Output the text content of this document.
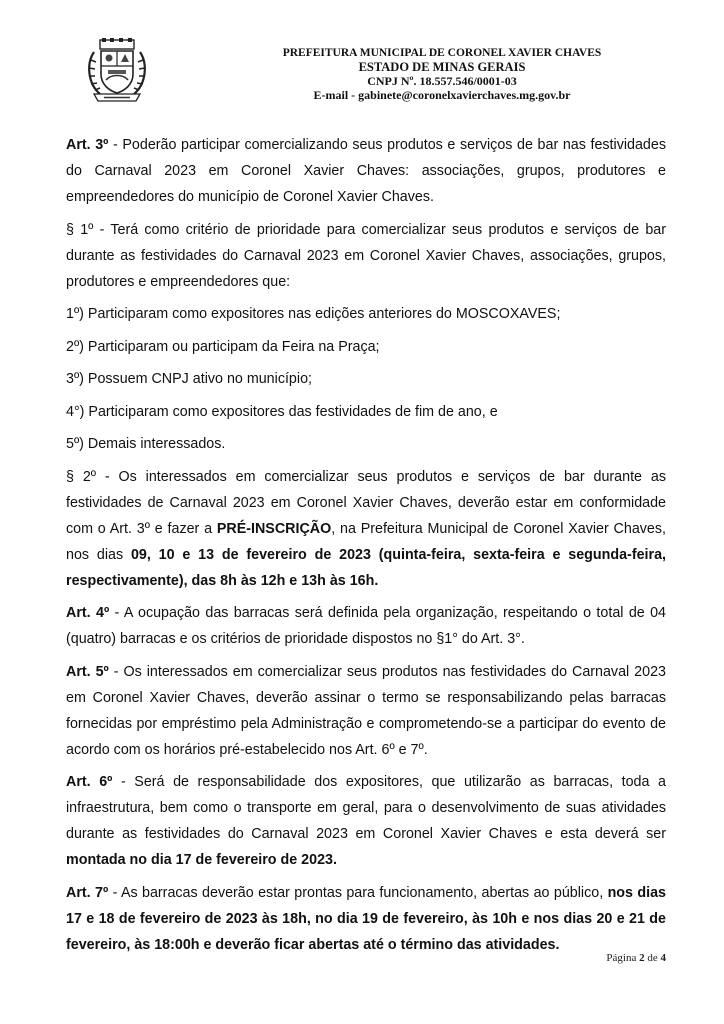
PREFEITURA MUNICIPAL DE CORONEL XAVIER CHAVES
ESTADO DE MINAS GERAIS
CNPJ Nº. 18.557.546/0001-03
E-mail - gabinete@coronelxavierchaves.mg.gov.br

Art. 3º - Poderão participar comercializando seus produtos e serviços de bar nas festividades do Carnaval 2023 em Coronel Xavier Chaves: associações, grupos, produtores e empreendedores do município de Coronel Xavier Chaves.

§ 1º - Terá como critério de prioridade para comercializar seus produtos e serviços de bar durante as festividades do Carnaval 2023 em Coronel Xavier Chaves, associações, grupos, produtores e empreendedores que:

1º) Participaram como expositores nas edições anteriores do MOSCOXAVES;

2º) Participaram ou participam da Feira na Praça;

3º) Possuem CNPJ ativo no município;

4°) Participaram como expositores das festividades de fim de ano, e

5º) Demais interessados.

§ 2º - Os interessados em comercializar seus produtos e serviços de bar durante as festividades de Carnaval 2023 em Coronel Xavier Chaves, deverão estar em conformidade com o Art. 3º e fazer a PRÉ-INSCRIÇÃO, na Prefeitura Municipal de Coronel Xavier Chaves, nos dias 09, 10 e 13 de fevereiro de 2023 (quinta-feira, sexta-feira e segunda-feira, respectivamente), das 8h às 12h e 13h às 16h.

Art. 4º - A ocupação das barracas será definida pela organização, respeitando o total de 04 (quatro) barracas e os critérios de prioridade dispostos no §1° do Art. 3°.

Art. 5º - Os interessados em comercializar seus produtos nas festividades do Carnaval 2023 em Coronel Xavier Chaves, deverão assinar o termo se responsabilizando pelas barracas fornecidas por empréstimo pela Administração e comprometendo-se a participar do evento de acordo com os horários pré-estabelecido nos Art. 6º e 7º.

Art. 6º - Será de responsabilidade dos expositores, que utilizarão as barracas, toda a infraestrutura, bem como o transporte em geral, para o desenvolvimento de suas atividades durante as festividades do Carnaval 2023 em Coronel Xavier Chaves e esta deverá ser montada no dia 17 de fevereiro de 2023.

Art. 7º - As barracas deverão estar prontas para funcionamento, abertas ao público, nos dias 17 e 18 de fevereiro de 2023 às 18h, no dia 19 de fevereiro, às 10h e nos dias 20 e 21 de fevereiro, às 18:00h e deverão ficar abertas até o término das atividades.

Página 2 de 4
